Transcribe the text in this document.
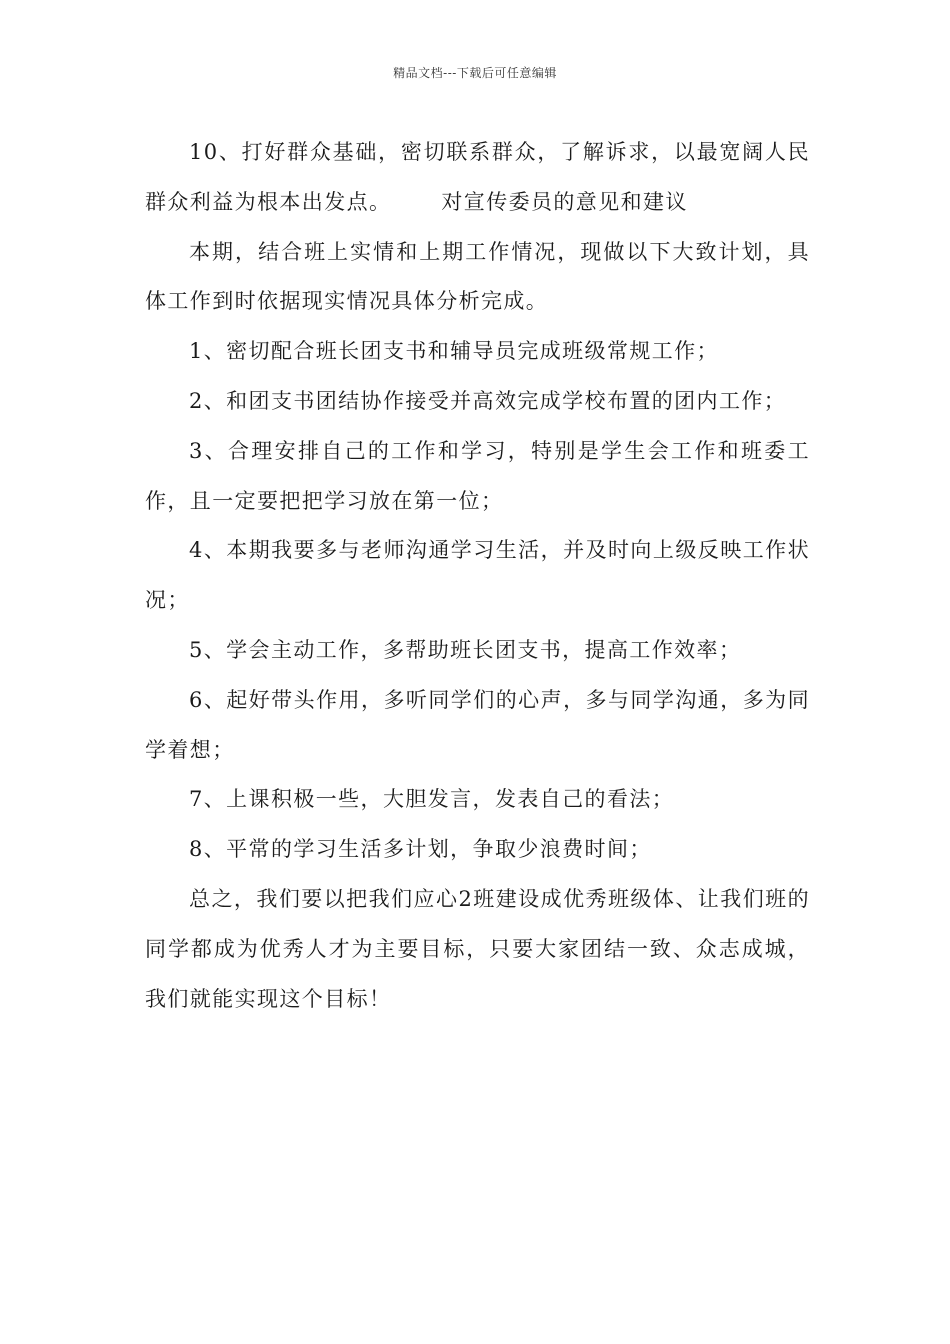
精品文档---下载后可任意编辑

10、打好群众基础，密切联系群众，了解诉求，以最宽阔人民群众利益为根本出发点。 对宣传委员的意见和建议

本期，结合班上实情和上期工作情况，现做以下大致计划，具体工作到时依据现实情况具体分析完成。

1、密切配合班长团支书和辅导员完成班级常规工作；

2、和团支书团结协作接受并高效完成学校布置的团内工作；

3、合理安排自己的工作和学习，特别是学生会工作和班委工作，且一定要把把学习放在第一位；

4、本期我要多与老师沟通学习生活，并及时向上级反映工作状况；

5、学会主动工作，多帮助班长团支书，提高工作效率；

6、起好带头作用，多听同学们的心声，多与同学沟通，多为同学着想；

7、上课积极一些，大胆发言，发表自己的看法；

8、平常的学习生活多计划，争取少浪费时间；

总之，我们要以把我们应心2班建设成优秀班级体、让我们班的同学都成为优秀人才为主要目标，只要大家团结一致、众志成城，我们就能实现这个目标！
